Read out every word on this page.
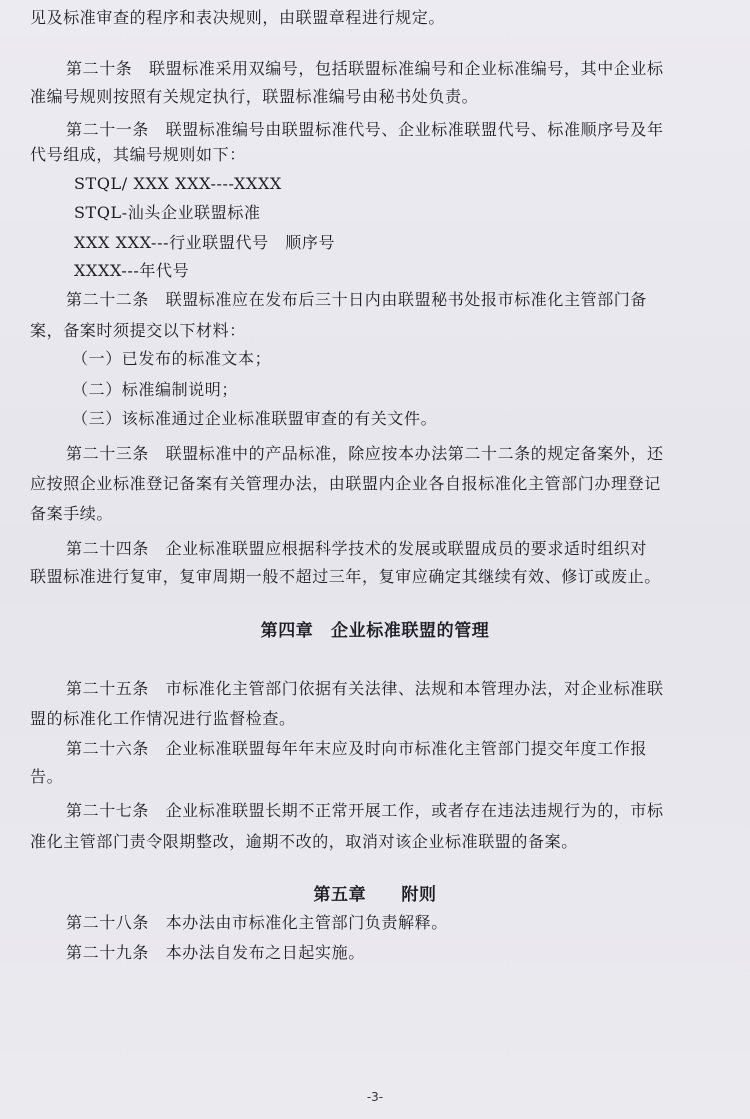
见及标准审查的程序和表决规则，由联盟章程进行规定。
第二十条　联盟标准采用双编号，包括联盟标准编号和企业标准编号，其中企业标
准编号规则按照有关规定执行，联盟标准编号由秘书处负责。
第二十一条　联盟标准编号由联盟标准代号、企业标准联盟代号、标准顺序号及年
代号组成，其编号规则如下：
STQL/ XXX XXX----XXXX
STQL-汕头企业联盟标准
XXX XXX---行业联盟代号　顺序号
XXXX---年代号
第二十二条　联盟标准应在发布后三十日内由联盟秘书处报市标准化主管部门备
案，备案时须提交以下材料：
（一）已发布的标准文本；
（二）标准编制说明；
（三）该标准通过企业标准联盟审查的有关文件。
第二十三条　联盟标准中的产品标准，除应按本办法第二十二条的规定备案外，还
应按照企业标准登记备案有关管理办法，由联盟内企业各自报标准化主管部门办理登记
备案手续。
第二十四条　企业标准联盟应根据科学技术的发展或联盟成员的要求适时组织对
联盟标准进行复审，复审周期一般不超过三年，复审应确定其继续有效、修订或废止。
第四章　企业标准联盟的管理
第二十五条　市标准化主管部门依据有关法律、法规和本管理办法，对企业标准联
盟的标准化工作情况进行监督检查。
第二十六条　企业标准联盟每年年末应及时向市标准化主管部门提交年度工作报
告。
第二十七条　企业标准联盟长期不正常开展工作，或者存在违法违规行为的，市标
准化主管部门责令限期整改，逾期不改的，取消对该企业标准联盟的备案。
第五章　　附则
第二十八条　本办法由市标准化主管部门负责解释。
第二十九条　本办法自发布之日起实施。
-3-
